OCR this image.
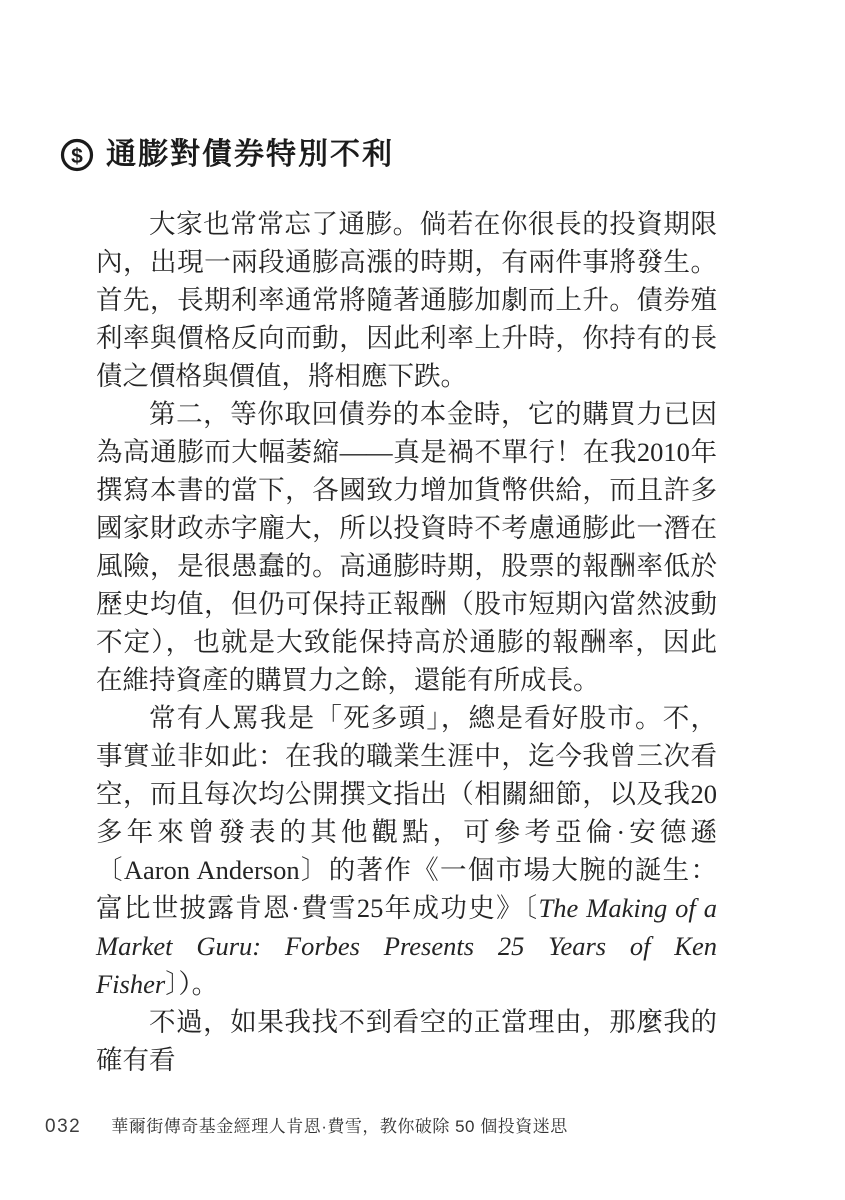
$ 通膨對債券特別不利

大家也常常忘了通膨。倘若在你很長的投資期限內，出現一兩段通膨高漲的時期，有兩件事將發生。首先，長期利率通常將隨著通膨加劇而上升。債券殖利率與價格反向而動，因此利率上升時，你持有的長債之價格與價值，將相應下跌。

第二，等你取回債券的本金時，它的購買力已因為高通膨而大幅萎縮——真是禍不單行！在我2010年撰寫本書的當下，各國致力增加貨幣供給，而且許多國家財政赤字龐大，所以投資時不考慮通膨此一潛在風險，是很愚蠢的。高通膨時期，股票的報酬率低於歷史均值，但仍可保持正報酬（股市短期內當然波動不定），也就是大致能保持高於通膨的報酬率，因此在維持資產的購買力之餘，還能有所成長。

常有人罵我是「死多頭」，總是看好股市。不，事實並非如此：在我的職業生涯中，迄今我曾三次看空，而且每次均公開撰文指出（相關細節，以及我20多年來曾發表的其他觀點，可參考亞倫·安德遜〔Aaron Anderson〕的著作《一個市場大腕的誕生：富比世披露肯恩·費雪25年成功史》〔The Making of a Market Guru: Forbes Presents 25 Years of Ken Fisher〕）。

不過，如果我找不到看空的正當理由，那麼我的確有看

032 華爾街傳奇基金經理人肯恩·費雪，教你破除 50 個投資迷思
